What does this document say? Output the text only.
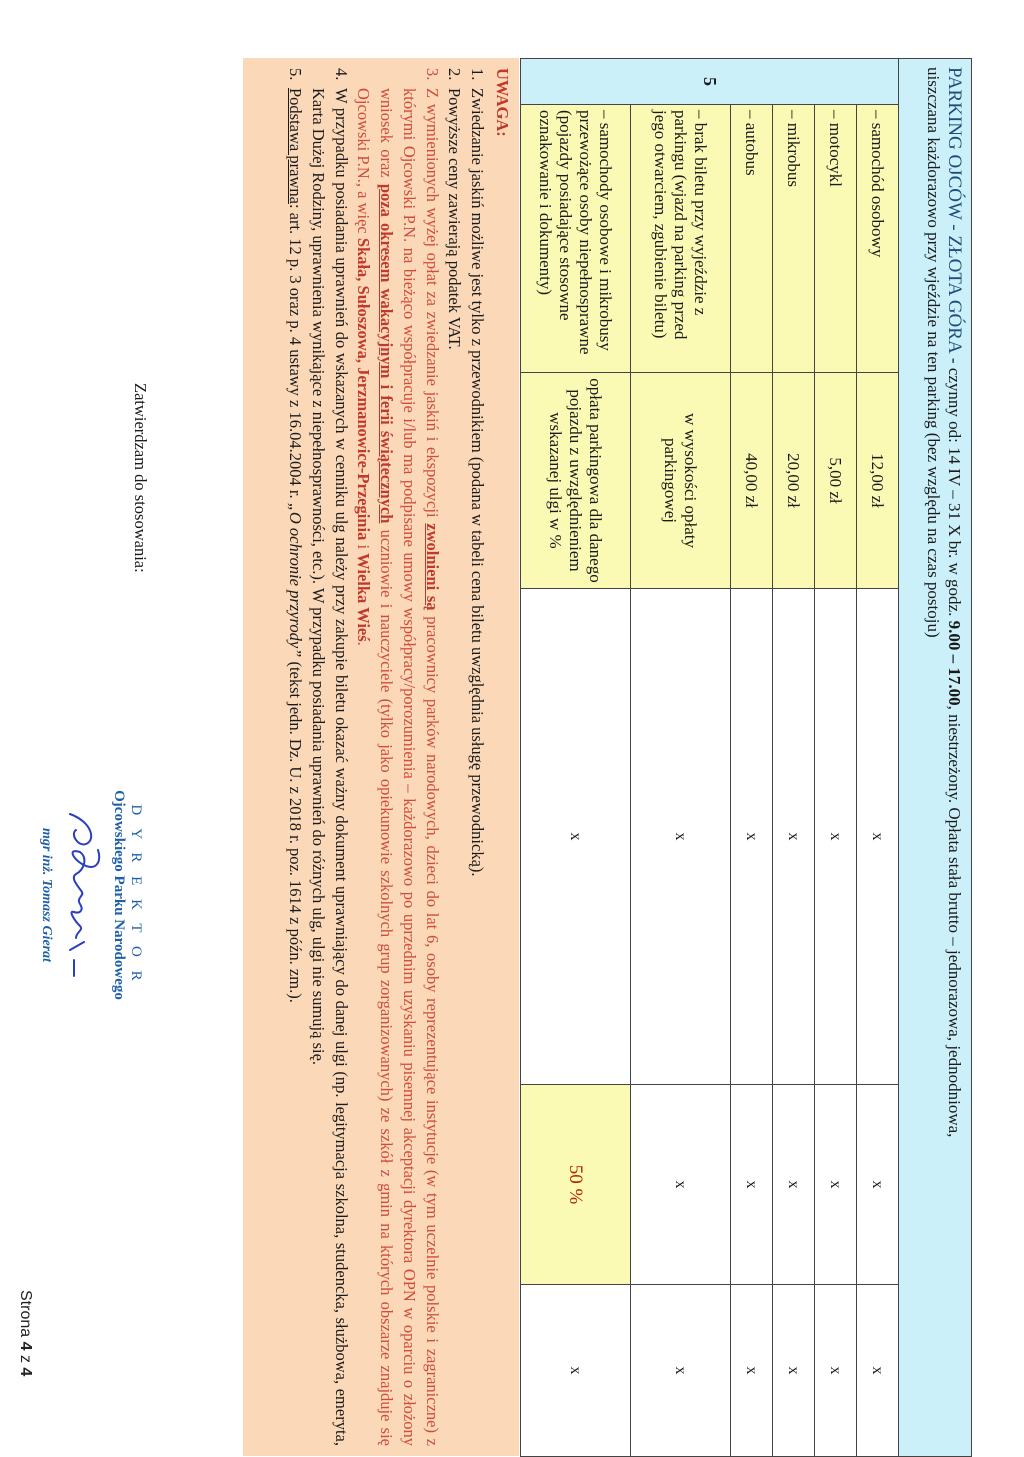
PARKING OJCÓW - ZŁOTA GÓRA - czynny od: 14 IV – 31 X br. w godz. 9.00 – 17.00, niestrzeżony. Opłata stała brutto – jednorazowa, jednodniowa,
uiszczana każdorazowo przy wjeździe na ten parking (bez względu na czas postoju)					
5	– samochód osobowy	12,00 zł	x	x	x
	– motocykl	5,00 zł	x	x	x
	– mikrobus	20,00 zł	x	x	x
	– autobus	40,00 zł	x	x	x
	– brak biletu przy wyjeździe z parkingu (wjazd na parking przed jego otwarciem, zgubienie biletu)	w wysokości opłaty parkingowej	x	x	x
	– samochody osobowe i mikrobusy przewożące osoby niepełnosprawne (pojazdy posiadające stosowne oznakowanie i dokumenty)	opłata parkingowa dla danego pojazdu z uwzględnieniem wskazanej ulgi w %	x	50 %	x
UWAGA:
1.
Zwiedzanie jaskiń możliwe jest tylko z przewodnikiem (podana w tabeli cena biletu uwzględnia usługę przewodnicką).
2.
Powyższe ceny zawierają podatek VAT.
3.
Z wymienionych wyżej opłat za zwiedzanie jaskiń i ekspozycji zwolnieni są pracownicy parków narodowych, dzieci do lat 6, osoby reprezentujące instytucje (w tym uczelnie polskie i zagraniczne) z którymi Ojcowski P.N. na bieżąco współpracuje i/lub ma podpisane umowy współpracy/porozumienia – każdorazowo po uprzednim uzyskaniu pisemnej akceptacji dyrektora OPN w oparciu o złożony wniosek oraz poza okresem wakacyjnym i ferii świątecznych uczniowie i nauczyciele (tylko jako opiekunowie szkolnych grup zorganizowanych) ze szkół z gmin na których obszarze znajduje się Ojcowski P.N., a więc Skała, Sułoszowa, Jerzmanowice-Przeginia i Wielka Wieś.
4.
W przypadku posiadania uprawnień do wskazanych w cenniku ulg należy przy zakupie biletu okazać ważny dokument uprawniający do danej ulgi (np. legitymacja szkolna, studencka, służbowa, emeryta, Karta Dużej Rodziny, uprawnienia wynikające z niepełnosprawności, etc.). W przypadku posiadania uprawnień do różnych ulg, ulgi nie sumują się.
5.
Podstawa prawna: art. 12 p. 3 oraz p. 4 ustawy z 16.04.2004 r. „O ochronie przyrody” (tekst jedn. Dz. U. z 2018 r. poz. 1614 z późn. zm.).
Zatwierdzam do stosowania:
D Y R E K T O R
Ojcowskiego Parku Narodowego
mgr inż. Tomasz Gierat
Strona 4 z 4
